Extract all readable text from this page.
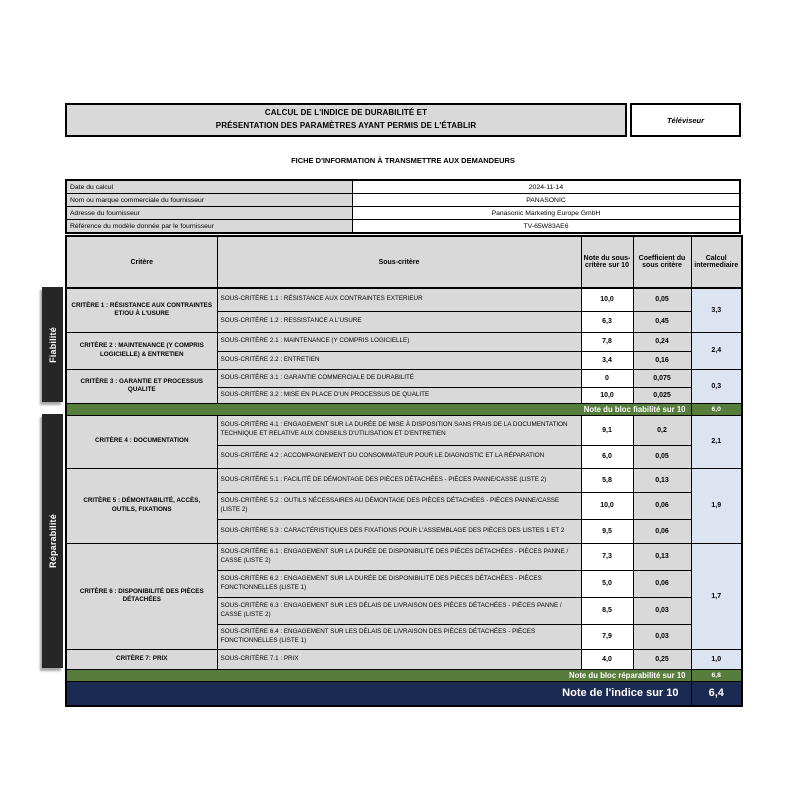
CALCUL DE L'INDICE DE DURABILITÉ ET
PRÉSENTATION DES PARAMÈTRES AYANT PERMIS DE L'ÉTABLIR
Téléviseur
FICHE D'INFORMATION À TRANSMETTRE AUX DEMANDEURS
Date du calcul	2024-11-14
Nom ou marque commerciale du fournisseur	PANASONIC
Adresse du fournisseur	Panasonic Marketing Europe GmbH
Référence du modèle donnée par le fournisseur	TV-65W83AE6
Critère	Sous-critère	Note du sous-critère sur 10	Coefficient du sous critère	Calcul intermediaire
CRITÈRE 1 : RÉSISTANCE AUX CONTRAINTES ET/OU À L'USURE	SOUS-CRITÈRE 1.1 : RÉSISTANCE AUX CONTRAINTES EXTERIEUR	10,0	0,05	3,3
	SOUS-CRITÈRE 1.2 : RESSISTANCE A L'USURE	6,3	0,45	
CRITÈRE 2 : MAINTENANCE (Y COMPRIS LOGICIELLE) & ENTRETIEN	SOUS-CRITÈRE 2.1 : MAINTENANCE (Y COMPRIS LOGICIELLE)	7,8	0,24	2,4
	SOUS-CRITÈRE 2.2 : ENTRETIEN	3,4	0,16	
CRITÈRE 3 : GARANTIE ET PROCESSUS QUALITE	SOUS-CRITÈRE 3.1 : GARANTIE COMMERCIALE DE DURABILITÉ	0	0,075	0,3
	SOUS-CRITÈRE 3.2 : MISE EN PLACE D'UN PROCESSUS DE QUALITE	10,0	0,025	
Note du bloc fiabilité sur 10				6,0
CRITÈRE 4 : DOCUMENTATION	SOUS-CRITÈRE 4.1 : ENGAGEMENT SUR LA DURÉE DE MISE À DISPOSITION SANS FRAIS DE LA DOCUMENTATION TECHNIQUE ET RELATIVE AUX CONSEILS D'UTILISATION ET D'ENTRETIEN	9,1	0,2	2,1
	SOUS-CRITÈRE 4.2 : ACCOMPAGNEMENT DU CONSOMMATEUR POUR LE DIAGNOSTIC ET LA RÉPARATION	6,0	0,05	
CRITÈRE 5 : DÉMONTABILITÉ, ACCÈS, OUTILS, FIXATIONS	SOUS-CRITÈRE 5.1 : FACILITÉ DE DÉMONTAGE DES PIÈCES DÉTACHÉES - PIÈCES PANNE/CASSE (LISTE 2)	5,8	0,13	1,9
	SOUS-CRITÈRE 5.2 : OUTILS NÉCESSAIRES AU DÉMONTAGE DES PIÈCES DÉTACHÉES - PIÈCES PANNE/CASSE (LISTE 2)	10,0	0,06	
	SOUS-CRITÈRE 5.3 : CARACTÉRISTIQUES DES FIXATIONS POUR L'ASSEMBLAGE DES PIÈCES DES LISTES 1 ET 2	9,5	0,06	
CRITÈRE 6 : DISPONIBILITÉ DES PIÈCES DÉTACHÉES	SOUS-CRITÈRE 6.1 : ENGAGEMENT SUR LA DURÉE DE DISPONIBILITÉ DES PIÈCES DÉTACHÉES - PIÈCES PANNE / CASSE (LISTE 2)	7,3	0,13	1,7
	SOUS-CRITÈRE 6.2 : ENGAGEMENT SUR LA DURÉE DE DISPONIBILITÉ DES PIÈCES DÉTACHÉES - PIÈCES FONCTIONNELLES (LISTE 1)	5,0	0,06	
	SOUS-CRITÈRE 6.3 : ENGAGEMENT SUR LES DÉLAIS DE LIVRAISON DES PIÈCES DÉTACHÉES - PIÈCES PANNE / CASSE (LISTE 2)	8,5	0,03	
	SOUS-CRITÈRE 6.4 : ENGAGEMENT SUR LES DÉLAIS DE LIVRAISON DES PIÈCES DÉTACHÉES - PIÈCES FONCTIONNELLES (LISTE 1)	7,9	0,03	
CRITÈRE 7: PRIX	SOUS-CRITÈRE 7.1 : PRIX	4,0	0,25	1,0
Note du bloc réparabilité sur 10				6,8
Note de l'indice sur 10				6,4
Fiabilité
Réparabilité
